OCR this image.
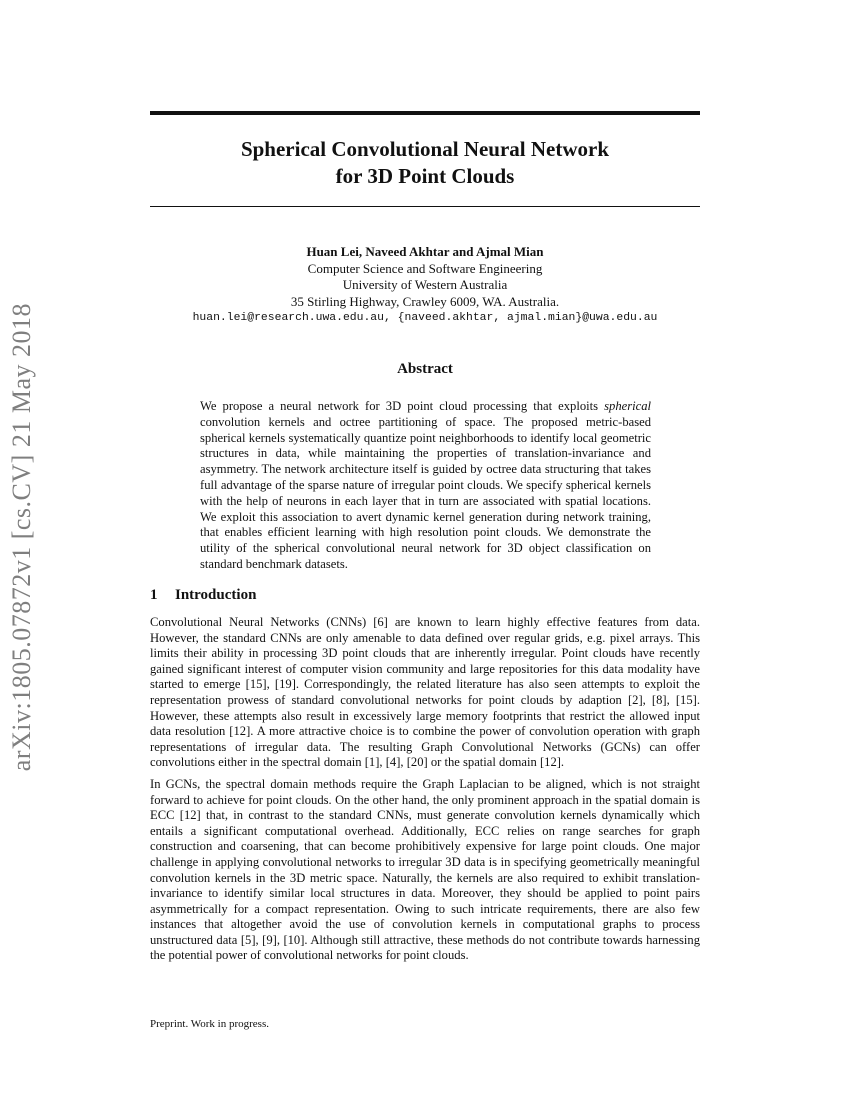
arXiv:1805.07872v1 [cs.CV] 21 May 2018
Spherical Convolutional Neural Network
for 3D Point Clouds
Huan Lei, Naveed Akhtar and Ajmal Mian
Computer Science and Software Engineering
University of Western Australia
35 Stirling Highway, Crawley 6009, WA. Australia.
huan.lei@research.uwa.edu.au, {naveed.akhtar, ajmal.mian}@uwa.edu.au
Abstract

We propose a neural network for 3D point cloud processing that exploits spherical convolution kernels and octree partitioning of space. The proposed metric-based spherical kernels systematically quantize point neighborhoods to identify local geometric structures in data, while maintaining the properties of translation-invariance and asymmetry. The network architecture itself is guided by octree data structuring that takes full advantage of the sparse nature of irregular point clouds. We specify spherical kernels with the help of neurons in each layer that in turn are associated with spatial locations. We exploit this association to avert dynamic kernel generation during network training, that enables efficient learning with high resolution point clouds. We demonstrate the utility of the spherical convolutional neural network for 3D object classification on standard benchmark datasets.

1 Introduction

Convolutional Neural Networks (CNNs) [6] are known to learn highly effective features from data. However, the standard CNNs are only amenable to data defined over regular grids, e.g. pixel arrays. This limits their ability in processing 3D point clouds that are inherently irregular. Point clouds have recently gained significant interest of computer vision community and large repositories for this data modality have started to emerge [15], [19]. Correspondingly, the related literature has also seen attempts to exploit the representation prowess of standard convolutional networks for point clouds by adaption [2], [8], [15]. However, these attempts also result in excessively large memory footprints that restrict the allowed input data resolution [12]. A more attractive choice is to combine the power of convolution operation with graph representations of irregular data. The resulting Graph Convolutional Networks (GCNs) can offer convolutions either in the spectral domain [1], [4], [20] or the spatial domain [12].

In GCNs, the spectral domain methods require the Graph Laplacian to be aligned, which is not straight forward to achieve for point clouds. On the other hand, the only prominent approach in the spatial domain is ECC [12] that, in contrast to the standard CNNs, must generate convolution kernels dynamically which entails a significant computational overhead. Additionally, ECC relies on range searches for graph construction and coarsening, that can become prohibitively expensive for large point clouds. One major challenge in applying convolutional networks to irregular 3D data is in specifying geometrically meaningful convolution kernels in the 3D metric space. Naturally, the kernels are also required to exhibit translation-invariance to identify similar local structures in data. Moreover, they should be applied to point pairs asymmetrically for a compact representation. Owing to such intricate requirements, there are also few instances that altogether avoid the use of convolution kernels in computational graphs to process unstructured data [5], [9], [10]. Although still attractive, these methods do not contribute towards harnessing the potential power of convolutional networks for point clouds.

Preprint. Work in progress.
